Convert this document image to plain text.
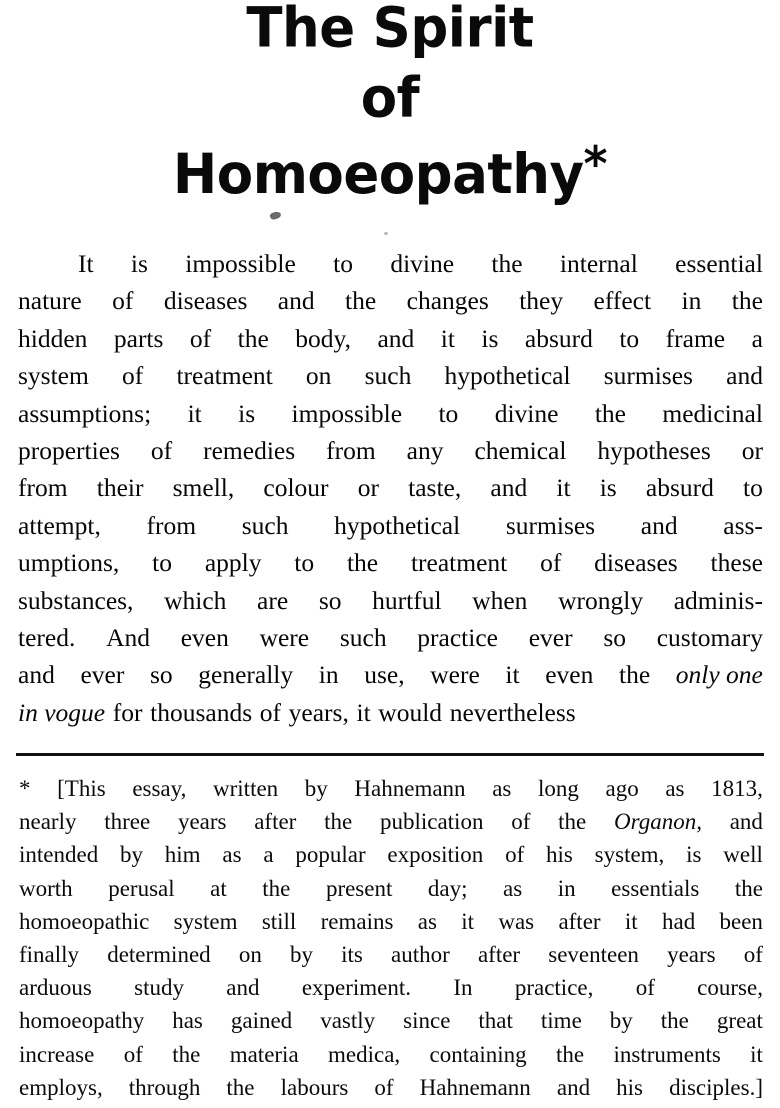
The Spirit
of
Homoeopathy*
It is impossible to divine the internal essential
nature of diseases and the changes they effect in the
hidden parts of the body, and it is absurd to frame a
system of treatment on such hypothetical surmises and
assumptions; it is impossible to divine the medicinal
properties of remedies from any chemical hypotheses or
from their smell, colour or taste, and it is absurd to
attempt, from such hypothetical surmises and ass-
umptions, to apply to the treatment of diseases these
substances, which are so hurtful when wrongly adminis-
tered. And even were such practice ever so customary
and ever so generally in use, were it even the only one
in vogue for thousands of years, it would nevertheless
* [This essay, written by Hahnemann as long ago as 1813,
nearly three years after the publication of the Organon, and
intended by him as a popular exposition of his system, is well
worth perusal at the present day; as in essentials the
homoeopathic system still remains as it was after it had been
finally determined on by its author after seventeen years of
arduous study and experiment. In practice, of course,
homoeopathy has gained vastly since that time by the great
increase of the materia medica, containing the instruments it
employs, through the labours of Hahnemann and his disciples.]
